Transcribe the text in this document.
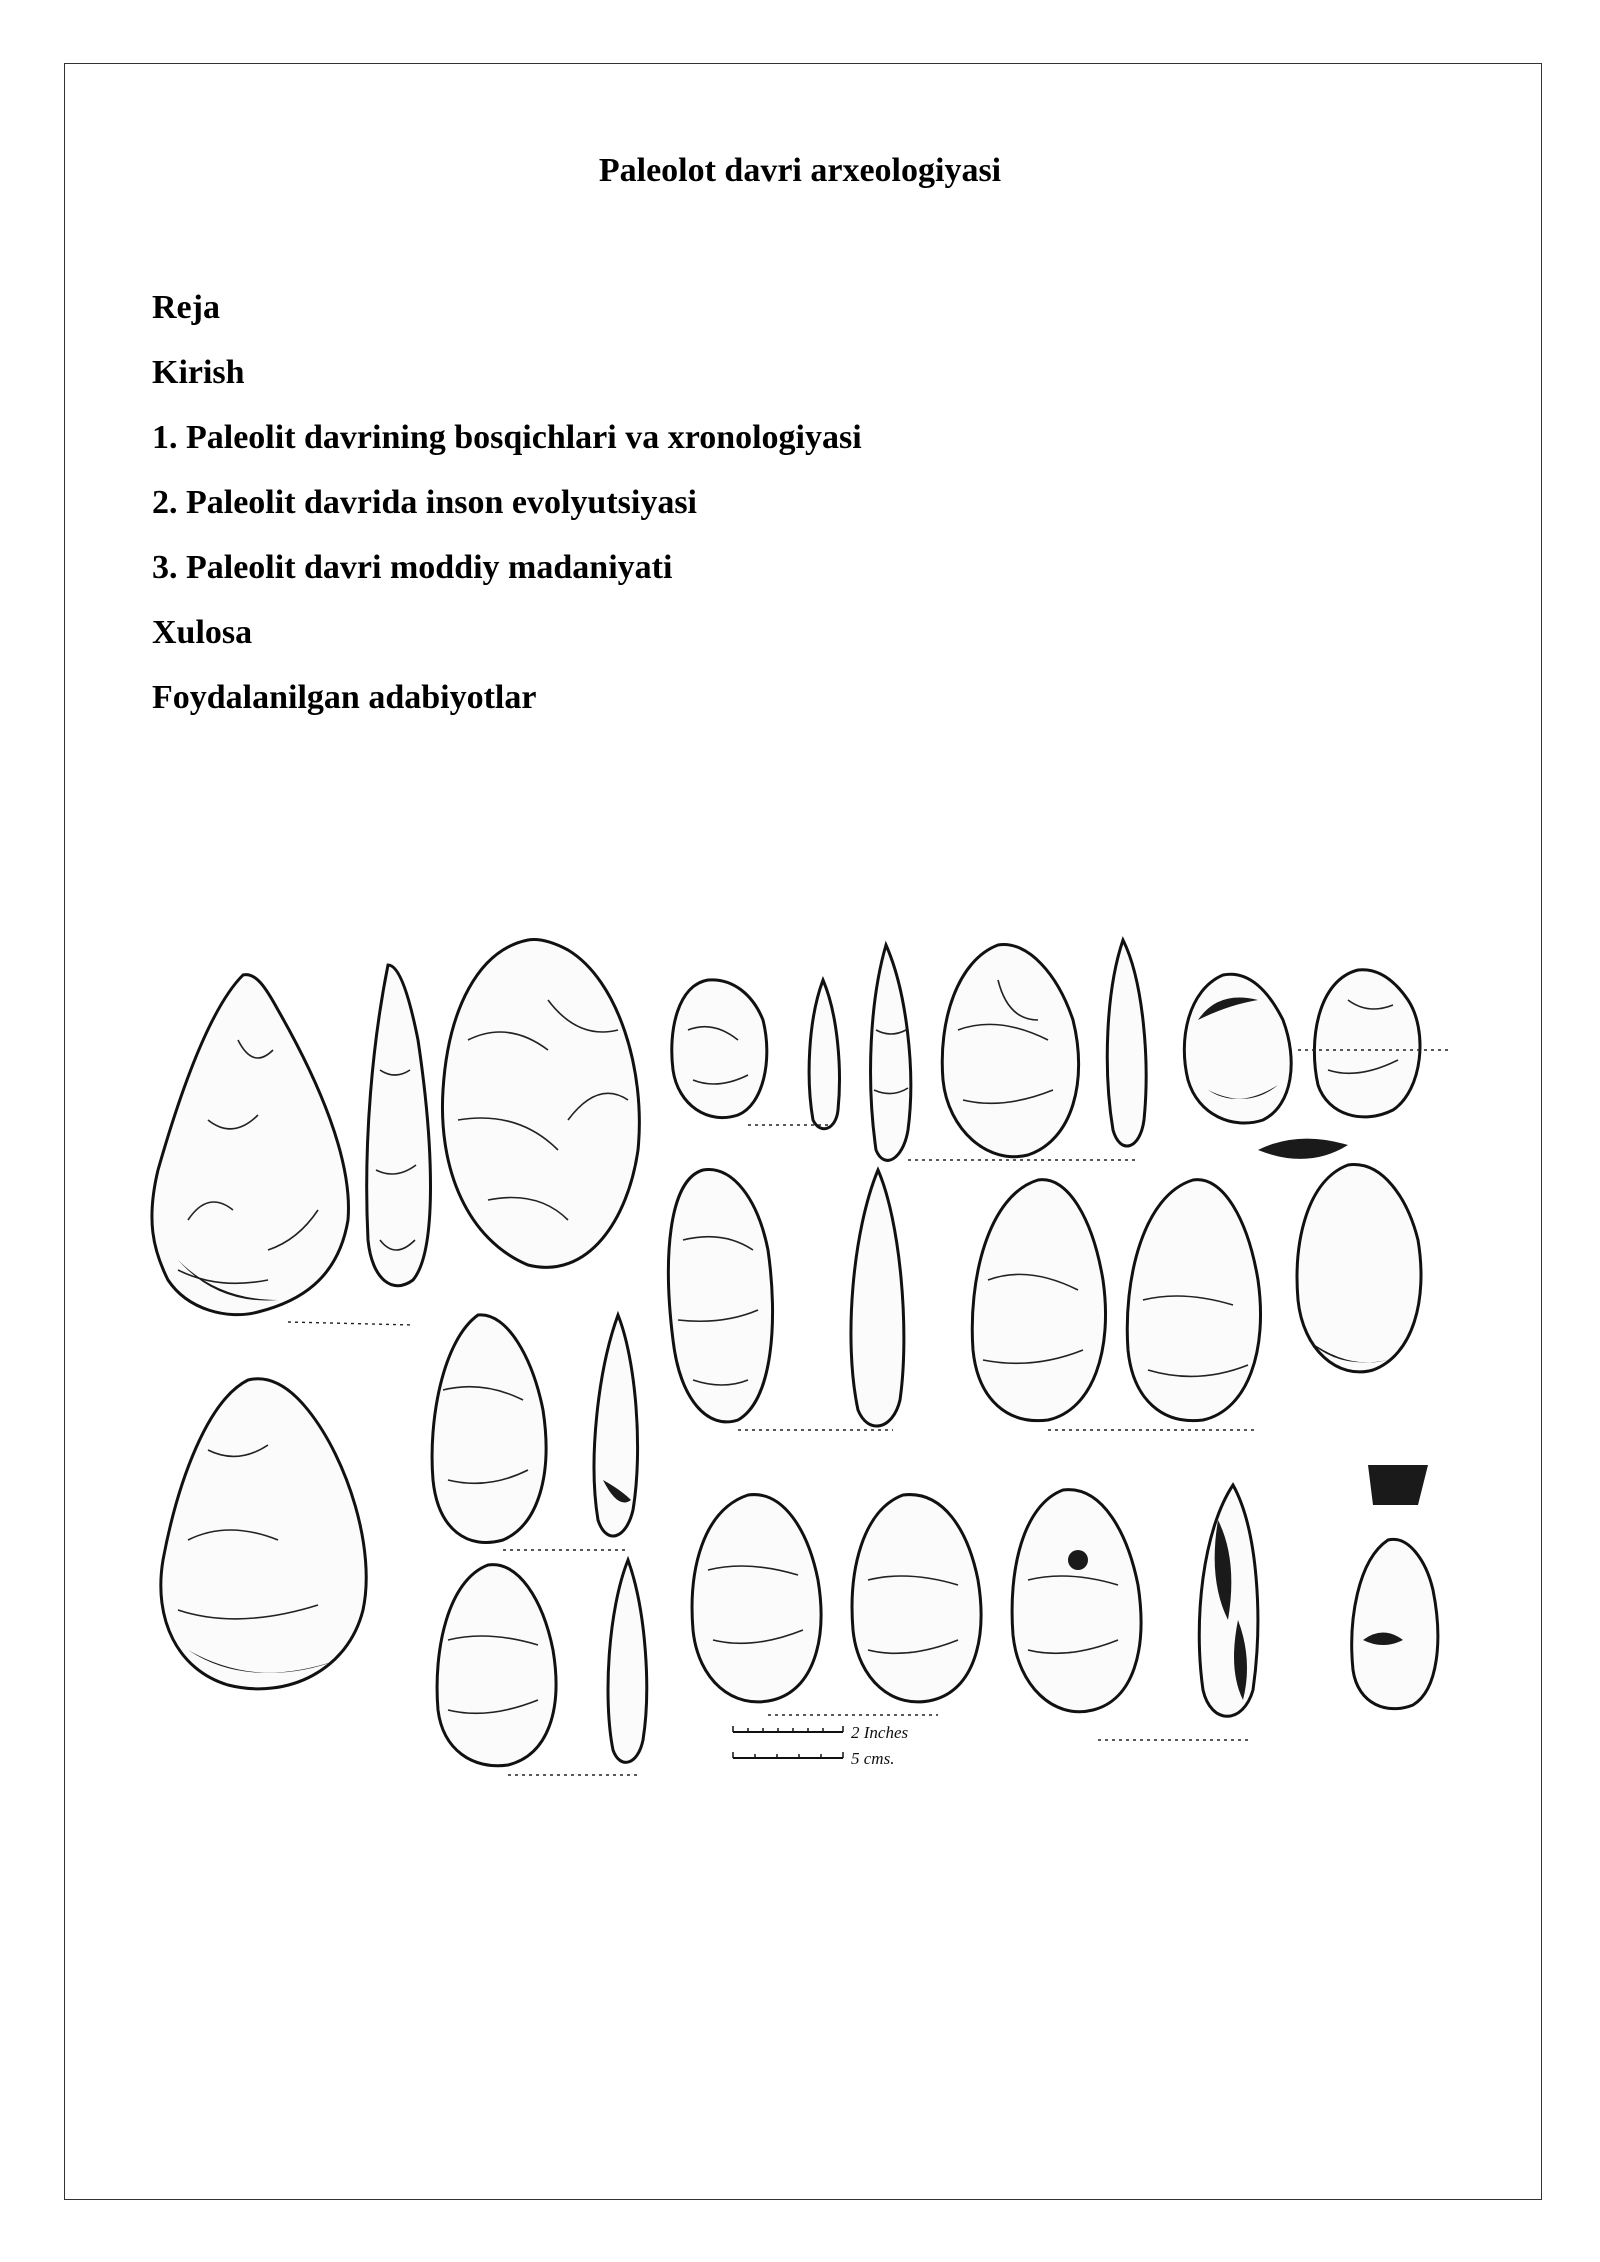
Paleolot davri arxeologiyasi
Reja
Kirish
1. Paleolit davrining bosqichlari va xronologiyasi
2. Paleolit davrida inson evolyutsiyasi
3. Paleolit davri moddiy madaniyati
Xulosa
Foydalanilgan adabiyotlar
2 Inches
5 cms.
